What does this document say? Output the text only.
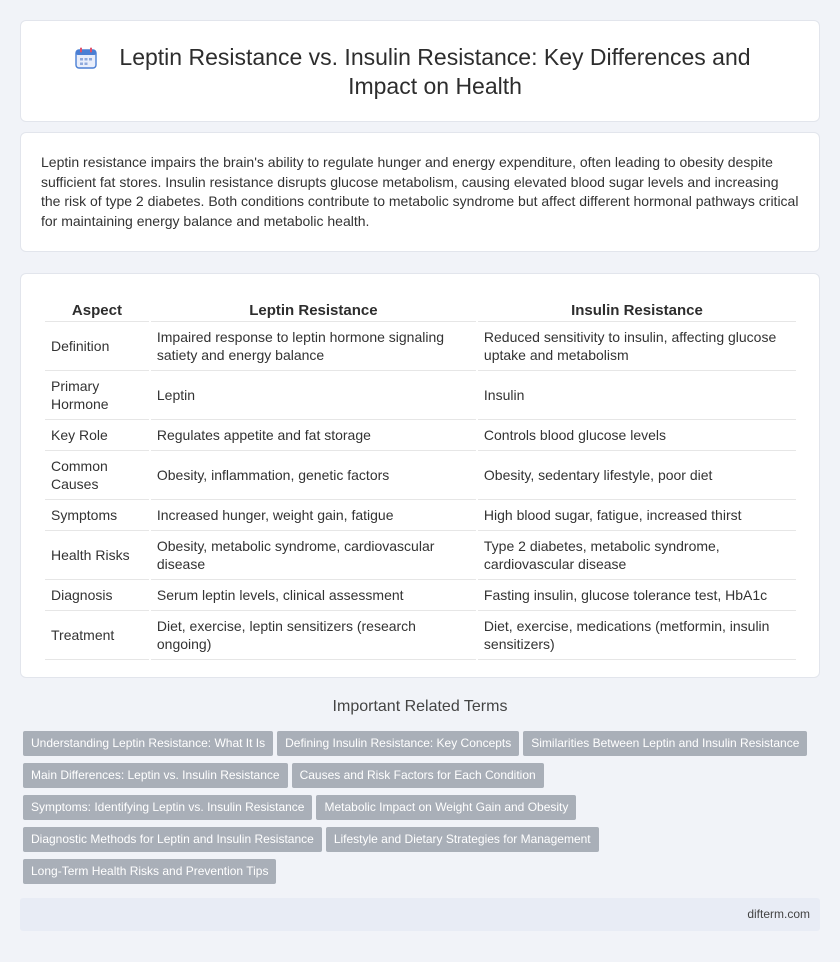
Leptin Resistance vs. Insulin Resistance: Key Differences and Impact on Health

Leptin resistance impairs the brain's ability to regulate hunger and energy expenditure, often leading to obesity despite sufficient fat stores. Insulin resistance disrupts glucose metabolism, causing elevated blood sugar levels and increasing the risk of type 2 diabetes. Both conditions contribute to metabolic syndrome but affect different hormonal pathways critical for maintaining energy balance and metabolic health.

Aspect	Leptin Resistance	Insulin Resistance
Definition	Impaired response to leptin hormone signaling satiety and energy balance	Reduced sensitivity to insulin, affecting glucose uptake and metabolism
Primary Hormone	Leptin	Insulin
Key Role	Regulates appetite and fat storage	Controls blood glucose levels
Common Causes	Obesity, inflammation, genetic factors	Obesity, sedentary lifestyle, poor diet
Symptoms	Increased hunger, weight gain, fatigue	High blood sugar, fatigue, increased thirst
Health Risks	Obesity, metabolic syndrome, cardiovascular disease	Type 2 diabetes, metabolic syndrome, cardiovascular disease
Diagnosis	Serum leptin levels, clinical assessment	Fasting insulin, glucose tolerance test, HbA1c
Treatment	Diet, exercise, leptin sensitizers (research ongoing)	Diet, exercise, medications (metformin, insulin sensitizers)
Important Related Terms
Understanding Leptin Resistance: What It Is Defining Insulin Resistance: Key Concepts Similarities Between Leptin and Insulin Resistance
Main Differences: Leptin vs. Insulin Resistance Causes and Risk Factors for Each Condition
Symptoms: Identifying Leptin vs. Insulin Resistance Metabolic Impact on Weight Gain and Obesity
Diagnostic Methods for Leptin and Insulin Resistance Lifestyle and Dietary Strategies for Management
Long-Term Health Risks and Prevention Tips
difterm.com
